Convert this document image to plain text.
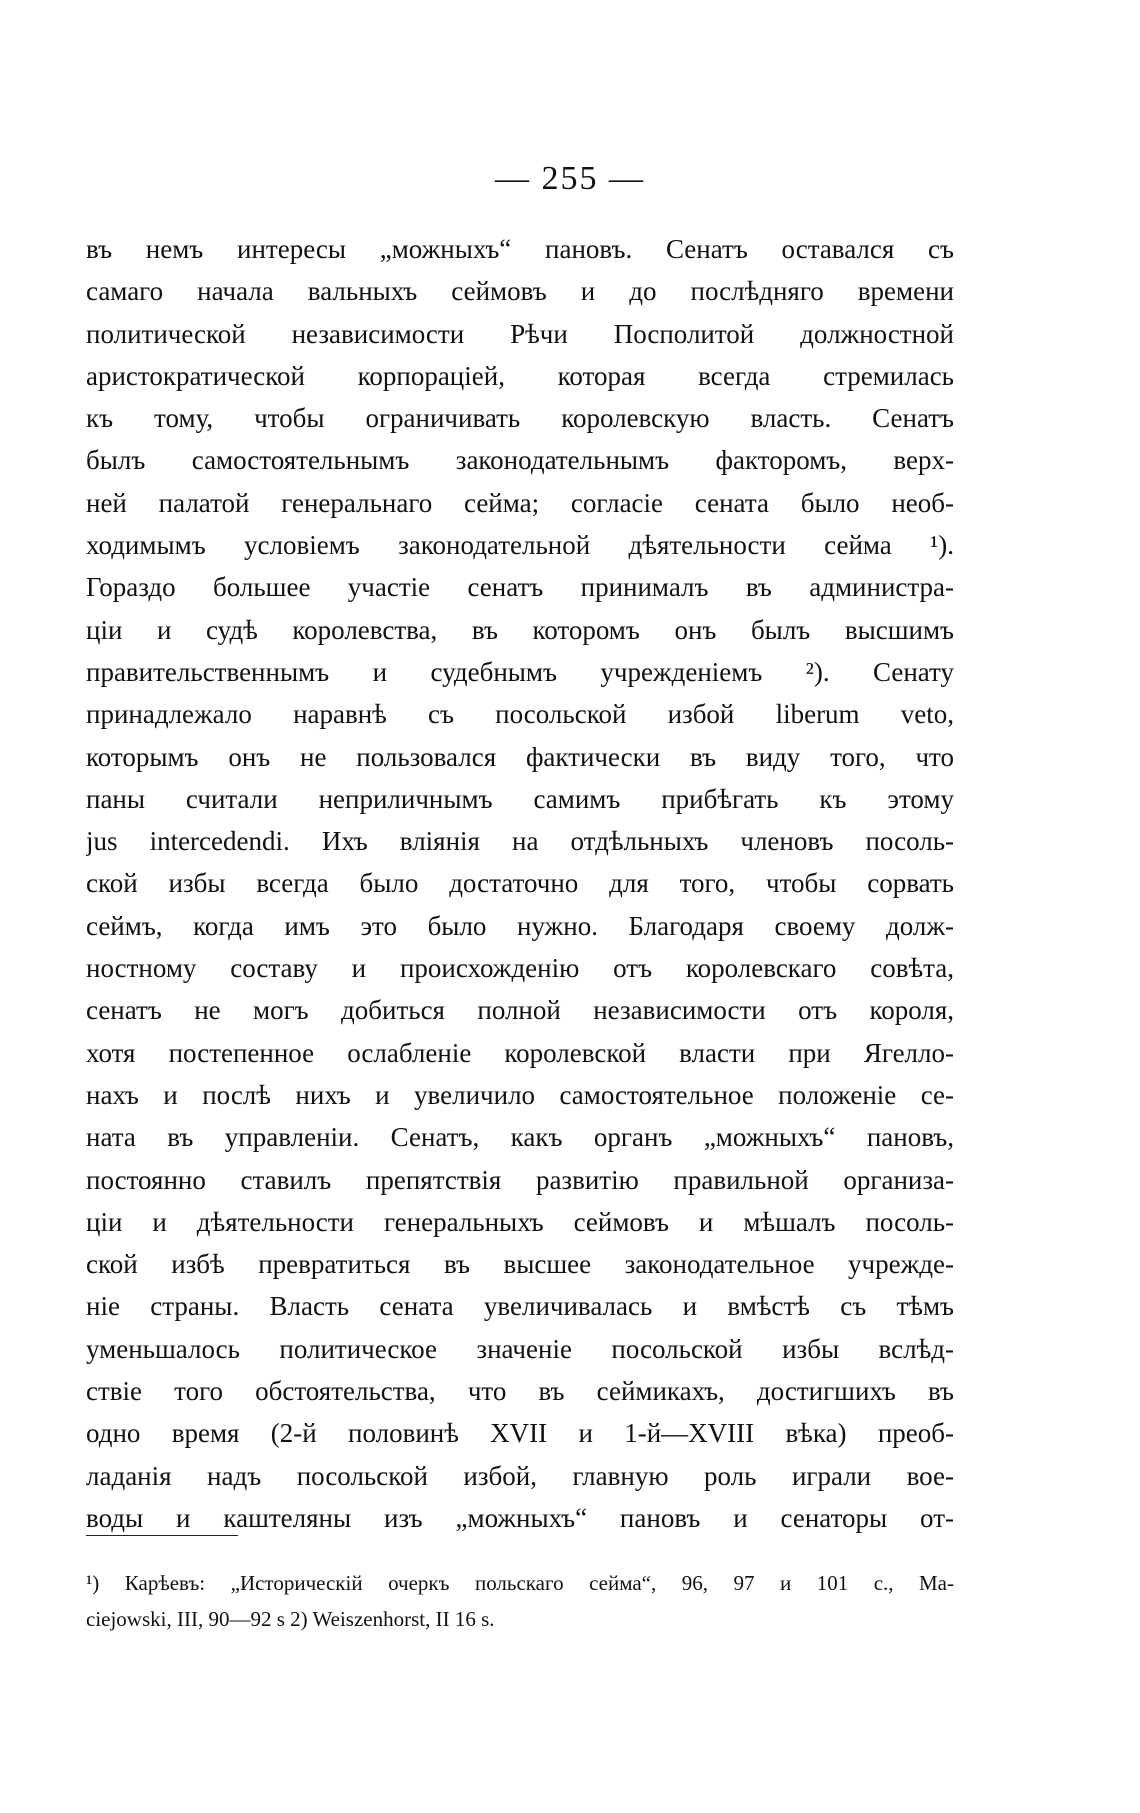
— 255 —
въ немъ интересы „можныхъ“ пановъ. Сенатъ оставался съ
самаго начала вальныхъ сеймовъ и до послѣдняго времени
политической независимости Рѣчи Посполитой должностной
аристократической корпораціей, которая всегда стремилась
къ тому, чтобы ограничивать королевскую власть. Сенатъ
былъ самостоятельнымъ законодательнымъ факторомъ, верх-
ней палатой генеральнаго сейма; согласіе сената было необ-
ходимымъ условіемъ законодательной дѣятельности сейма ¹).
Гораздо большее участіе сенатъ принималъ въ администра-
ціи и судѣ королевства, въ которомъ онъ былъ высшимъ
правительственнымъ и судебнымъ учрежденіемъ ²). Сенату
принадлежало наравнѣ съ посольской избой liberum veto,
которымъ онъ не пользовался фактически въ виду того, что
паны считали неприличнымъ самимъ прибѣгать къ этому
jus intercedendi. Ихъ вліянія на отдѣльныхъ членовъ посоль-
ской избы всегда было достаточно для того, чтобы сорвать
сеймъ, когда имъ это было нужно. Благодаря своему долж-
ностному составу и происхожденію отъ королевскаго совѣта,
сенатъ не могъ добиться полной независимости отъ короля,
хотя постепенное ослабленіе королевской власти при Ягелло-
нахъ и послѣ нихъ и увеличило самостоятельное положеніе се-
ната въ управленіи. Сенатъ, какъ органъ „можныхъ“ пановъ,
постоянно ставилъ препятствія развитію правильной организа-
ціи и дѣятельности генеральныхъ сеймовъ и мѣшалъ посоль-
ской избѣ превратиться въ высшее законодательное учрежде-
ніе страны. Власть сената увеличивалась и вмѣстѣ съ тѣмъ
уменьшалось политическое значеніе посольской избы вслѣд-
ствіе того обстоятельства, что въ сеймикахъ, достигшихъ въ
одно время (2-й половинѣ XVII и 1-й—XVIII вѣка) преоб-
ладанія надъ посольской избой, главную роль играли вое-
воды и каштеляны изъ „можныхъ“ пановъ и сенаторы от-
¹) Карѣевъ: „Историческій очеркъ польскаго сейма“, 96, 97 и 101 с., Ma-
ciejowski, III, 90—92 s 2) Weiszenhorst, II 16 s.
